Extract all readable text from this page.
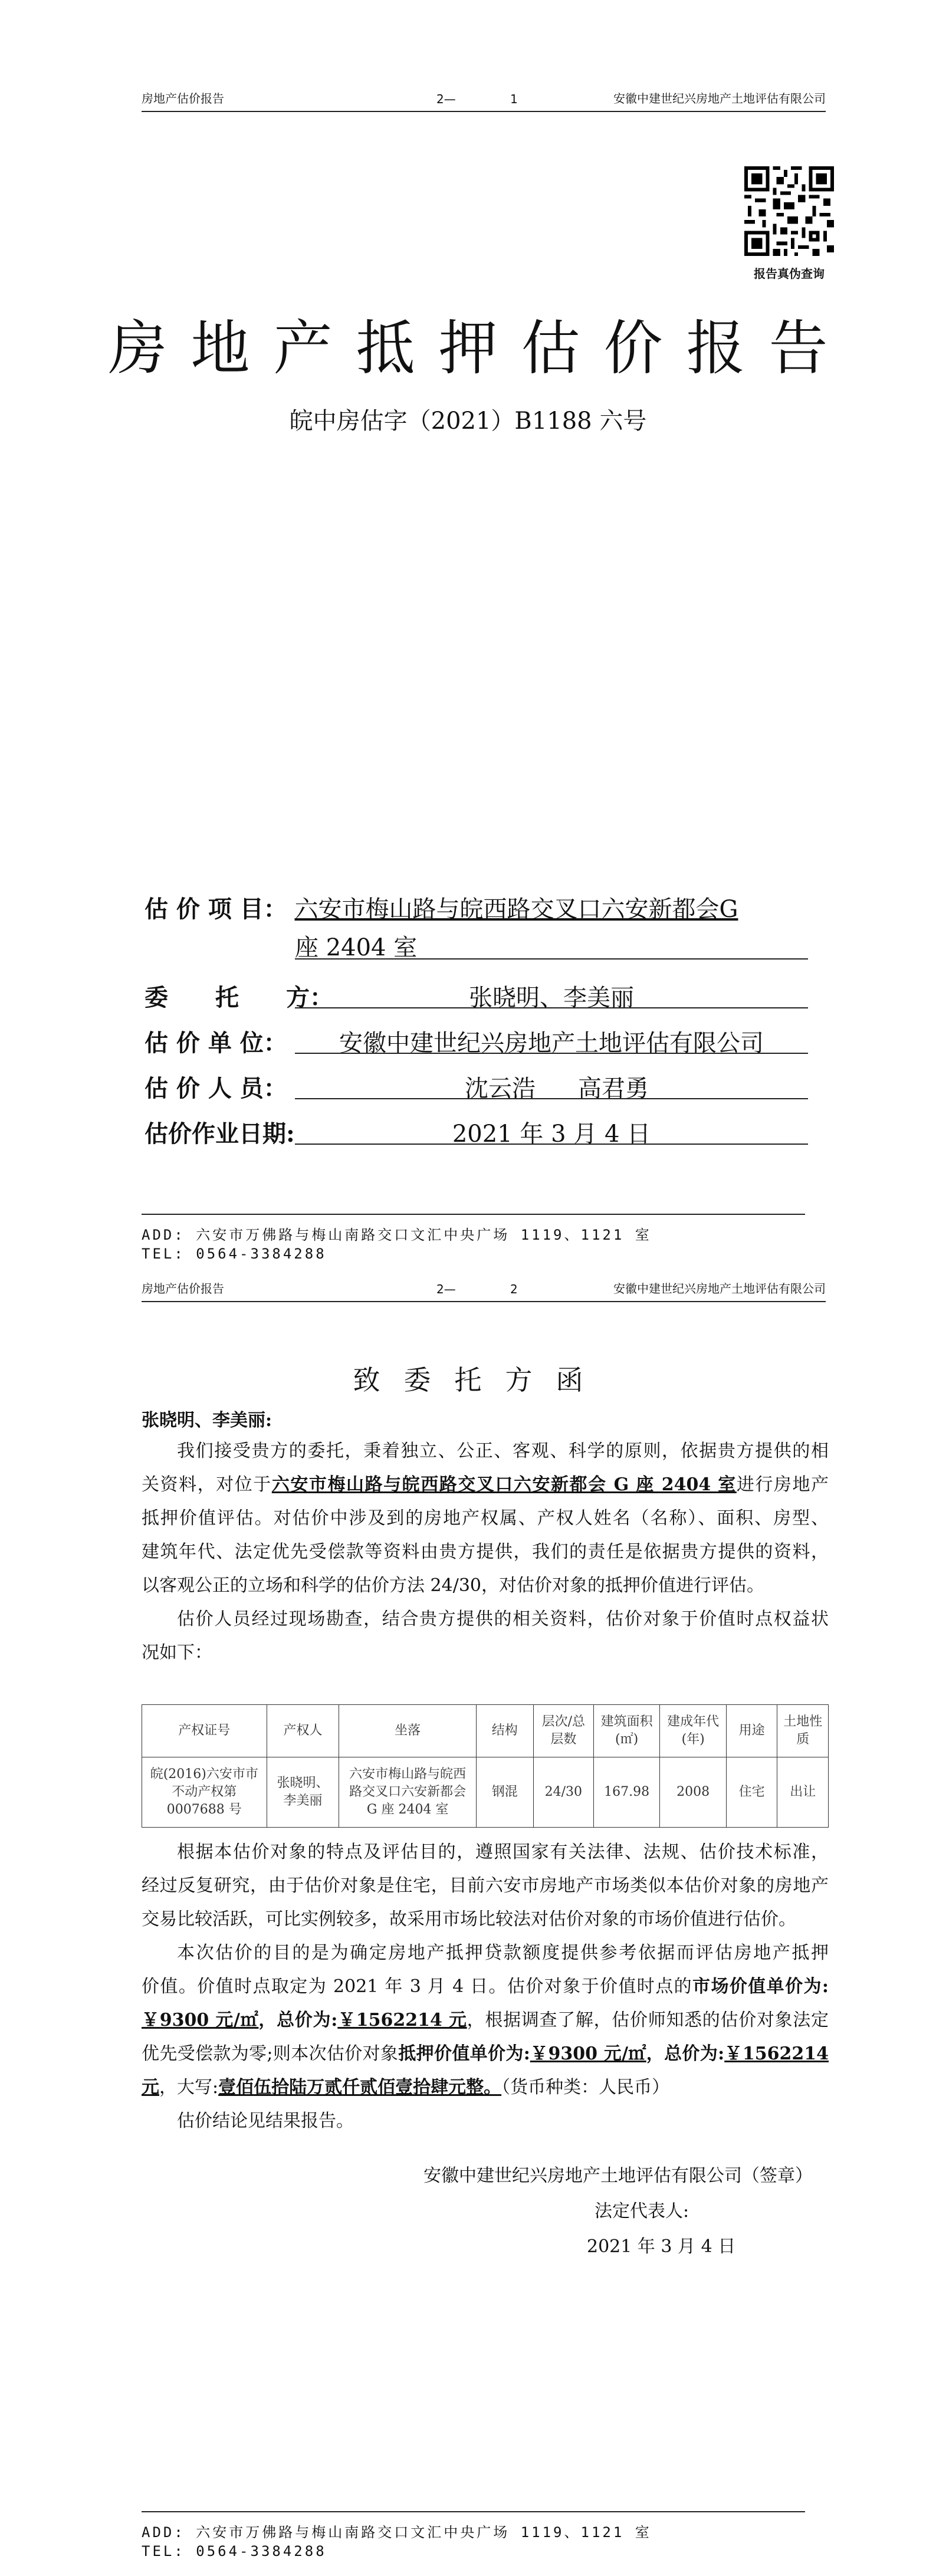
房地产估价报告	2—	1	安徽中建世纪兴房地产土地评估有限公司
报告真伪查询
房地产抵押估价报告
皖中房估字（2021）B1188 六号
估 价 项 目： 六安市梅山路与皖西路交叉口六安新都会G
座 2404 室
委　　托　　方：	张晓明、李美丽
估 价 单 位：	安徽中建世纪兴房地产土地评估有限公司
估 价 人 员：	沈云浩 高君勇
估价作业日期:	2021 年 3 月 4 日
ADD: 六安市万佛路与梅山南路交口文汇中央广场 1119、1121 室
TEL: 0564-3384288
房地产估价报告	2—	2	安徽中建世纪兴房地产土地评估有限公司
致委托方函
张晓明、李美丽:
我们接受贵方的委托，秉着独立、公正、客观、科学的原则，依据贵方提供的相
关资料，对位于六安市梅山路与皖西路交叉口六安新都会 G 座 2404 室进行房地产
抵押价值评估。对估价中涉及到的房地产权属、产权人姓名（名称）、面积、房型、
建筑年代、法定优先受偿款等资料由贵方提供，我们的责任是依据贵方提供的资料，
以客观公正的立场和科学的估价方法 24/30，对估价对象的抵押价值进行评估。
估价人员经过现场勘查，结合贵方提供的相关资料，估价对象于价值时点权益状
况如下：
产权证号	产权人	坐落	结构	层次/总层数	建筑面积(㎡)	建成年代(年)	用途	土地性质
皖(2016)六安市市不动产权第 0007688 号	张晓明、李美丽	六安市梅山路与皖西路交叉口六安新都会 G 座 2404 室	钢混	24/30	167.98	2008	住宅	出让
根据本估价对象的特点及评估目的，遵照国家有关法律、法规、估价技术标准，
经过反复研究，由于估价对象是住宅，目前六安市房地产市场类似本估价对象的房地产
交易比较活跃，可比实例较多，故采用市场比较法对估价对象的市场价值进行估价。
本次估价的目的是为确定房地产抵押贷款额度提供参考依据而评估房地产抵押
价值。价值时点取定为 2021 年 3 月 4 日。估价对象于价值时点的市场价值单价为:
￥9300 元/㎡，总价为:￥1562214 元，根据调查了解，估价师知悉的估价对象法定
优先受偿款为零;则本次估价对象抵押价值单价为:￥9300 元/㎡，总价为:￥1562214
元，大写:壹佰伍拾陆万贰仟贰佰壹拾肆元整。（货币种类：人民币）
估价结论见结果报告。
安徽中建世纪兴房地产土地评估有限公司（签章）
法定代表人:
2021 年 3 月 4 日
ADD: 六安市万佛路与梅山南路交口文汇中央广场 1119、1121 室
TEL: 0564-3384288
